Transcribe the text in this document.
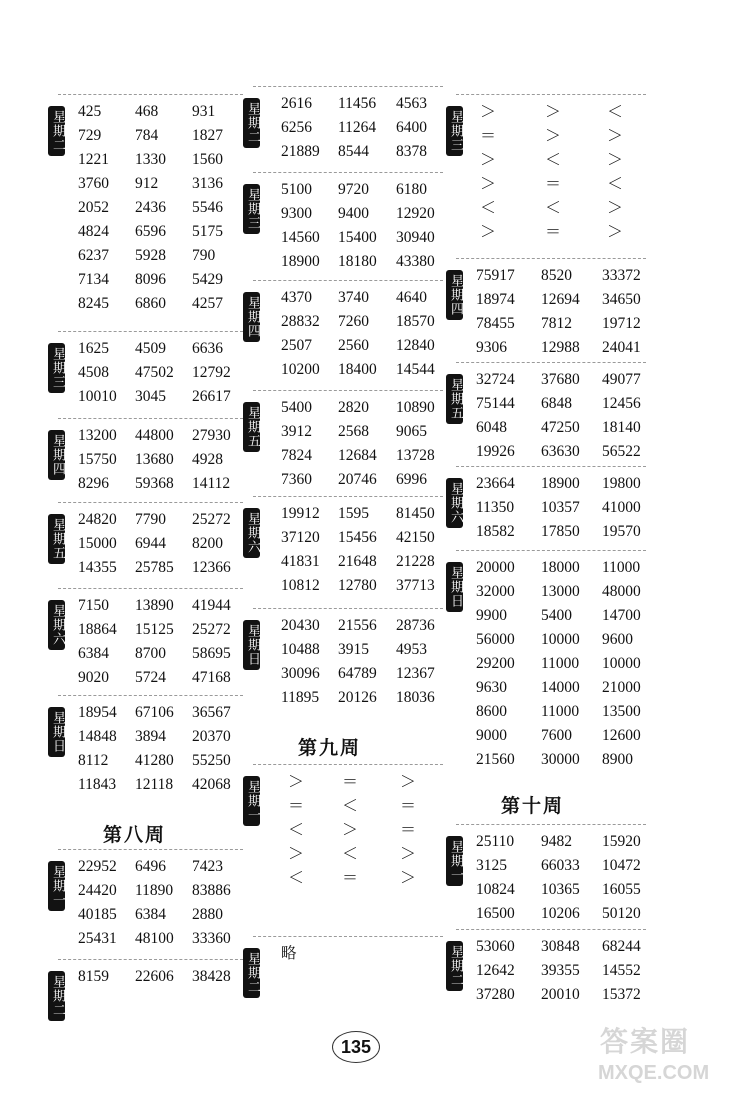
星期二 425 468 931
729 784 1827
1221 1330 1560
3760 912 3136
2052 2436 5546
4824 6596 5175
6237 5928 790
7134 8096 5429
8245 6860 4257
星期三 1625 4509 6636
4508 47502 12792
10010 3045 26617
星期四 13200 44800 27930
15750 13680 4928
8296 59368 14112
星期五 24820 7790 25272
15000 6944 8200
14355 25785 12366
星期六 7150 13890 41944
18864 15125 25272
6384 8700 58695
9020 5724 47168
星期日 18954 67106 36567
14848 3894 20370
8112 41280 55250
11843 12118 42068
第八周
星期一 22952 6496 7423
24420 11890 83886
40185 6384 2880
25431 48100 33360
星期二 8159 22606 38428
星期二 2616 11456 4563
6256 11264 6400
21889 8544 8378
星期三 5100 9720 6180
9300 9400 12920
14560 15400 30940
18900 18180 43380
星期四 4370 3740 4640
28832 7260 18570
2507 2560 12840
10200 18400 14544
星期五 5400 2820 10890
3912 2568 9065
7824 12684 13728
7360 20746 6996
星期六 19912 1595 81450
37120 15456 42150
41831 21648 21228
10812 12780 37713
星期日 20430 21556 28736
10488 3915 4953
30096 64789 12367
11895 20126 18036
第九周
星期一 ＞ ＝	＞
＝ ＜	＝
＜ ＞	＝
＞ ＜	＞
＜ ＝	＞
星期二 略
星期三 ＞	＞	＜
＝	＞	＞
＞	＜	＞
＞	＝	＜
＜	＜	＞
＞	＝	＞
星期四 75917 8520 33372
18974 12694 34650
78455 7812 19712
9306 12988 24041
星期五 32724 37680 49077
75144 6848 12456
6048 47250 18140
19926 63630 56522
星期六 23664 18900 19800
11350 10357 41000
18582 17850 19570
星期日 20000 18000 11000
32000 13000 48000
9900 5400 14700
56000 10000 9600
29200 11000 10000
9630 14000 21000
8600 11000 13500
9000 7600 12600
21560 30000 8900
第十周
星期一 25110 9482 15920
3125 66033 10472
10824 10365 16055
16500 10206 50120
星期二 53060 30848 68244
12642 39355 14552
37280 20010 15372
135	答案圈
MXQE.COM
